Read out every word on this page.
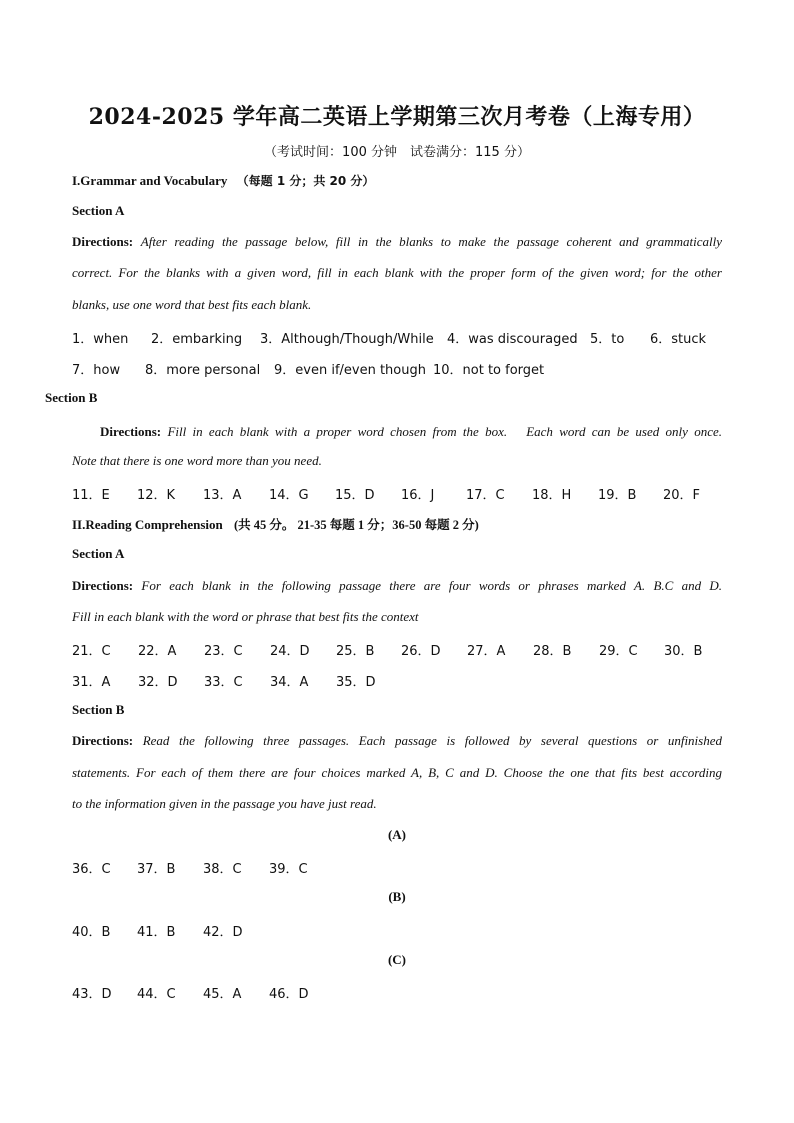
2024-2025 学年高二英语上学期第三次月考卷（上海专用）
（考试时间：100 分钟　试卷满分：115 分）
I.Grammar and Vocabulary （每题 1 分；共 20 分）
Section A
Directions: After reading the passage below, fill in the blanks to make the passage coherent and grammatically
correct. For the blanks with a given word, fill in each blank with the proper form of the given word; for the other
blanks, use one word that best fits each blank.
1．when 2．embarking 3．Although/Though/While 4．was discouraged 5．to 6．stuck
7．how 8．more personal 9．even if/even though 10．not to forget
Section B
Directions: Fill in each blank with a proper word chosen from the box.　Each word can be used only once.
Note that there is one word more than you need.
11．E 12．K 13．A 14．G 15．D 16．J 17．C 18．H 19．B 20．F
II.Reading Comprehension (共 45 分。 21-35 每题 1 分；36-50 每题 2 分)
Section A
Directions: For each blank in the following passage there are four words or phrases marked A. B.C and D.
Fill in each blank with the word or phrase that best fits the context
21．C 22．A 23．C 24．D 25．B 26．D 27．A 28．B 29．C 30．B
31．A 32．D 33．C 34．A 35．D
Section B
Directions: Read the following three passages. Each passage is followed by several questions or unfinished
statements. For each of them there are four choices marked A, B, C and D. Choose the one that fits best according
to the information given in the passage you have just read.
(A)
36．C 37．B 38．C 39．C
(B)
40．B 41．B 42．D
(C)
43．D 44．C 45．A 46．D
